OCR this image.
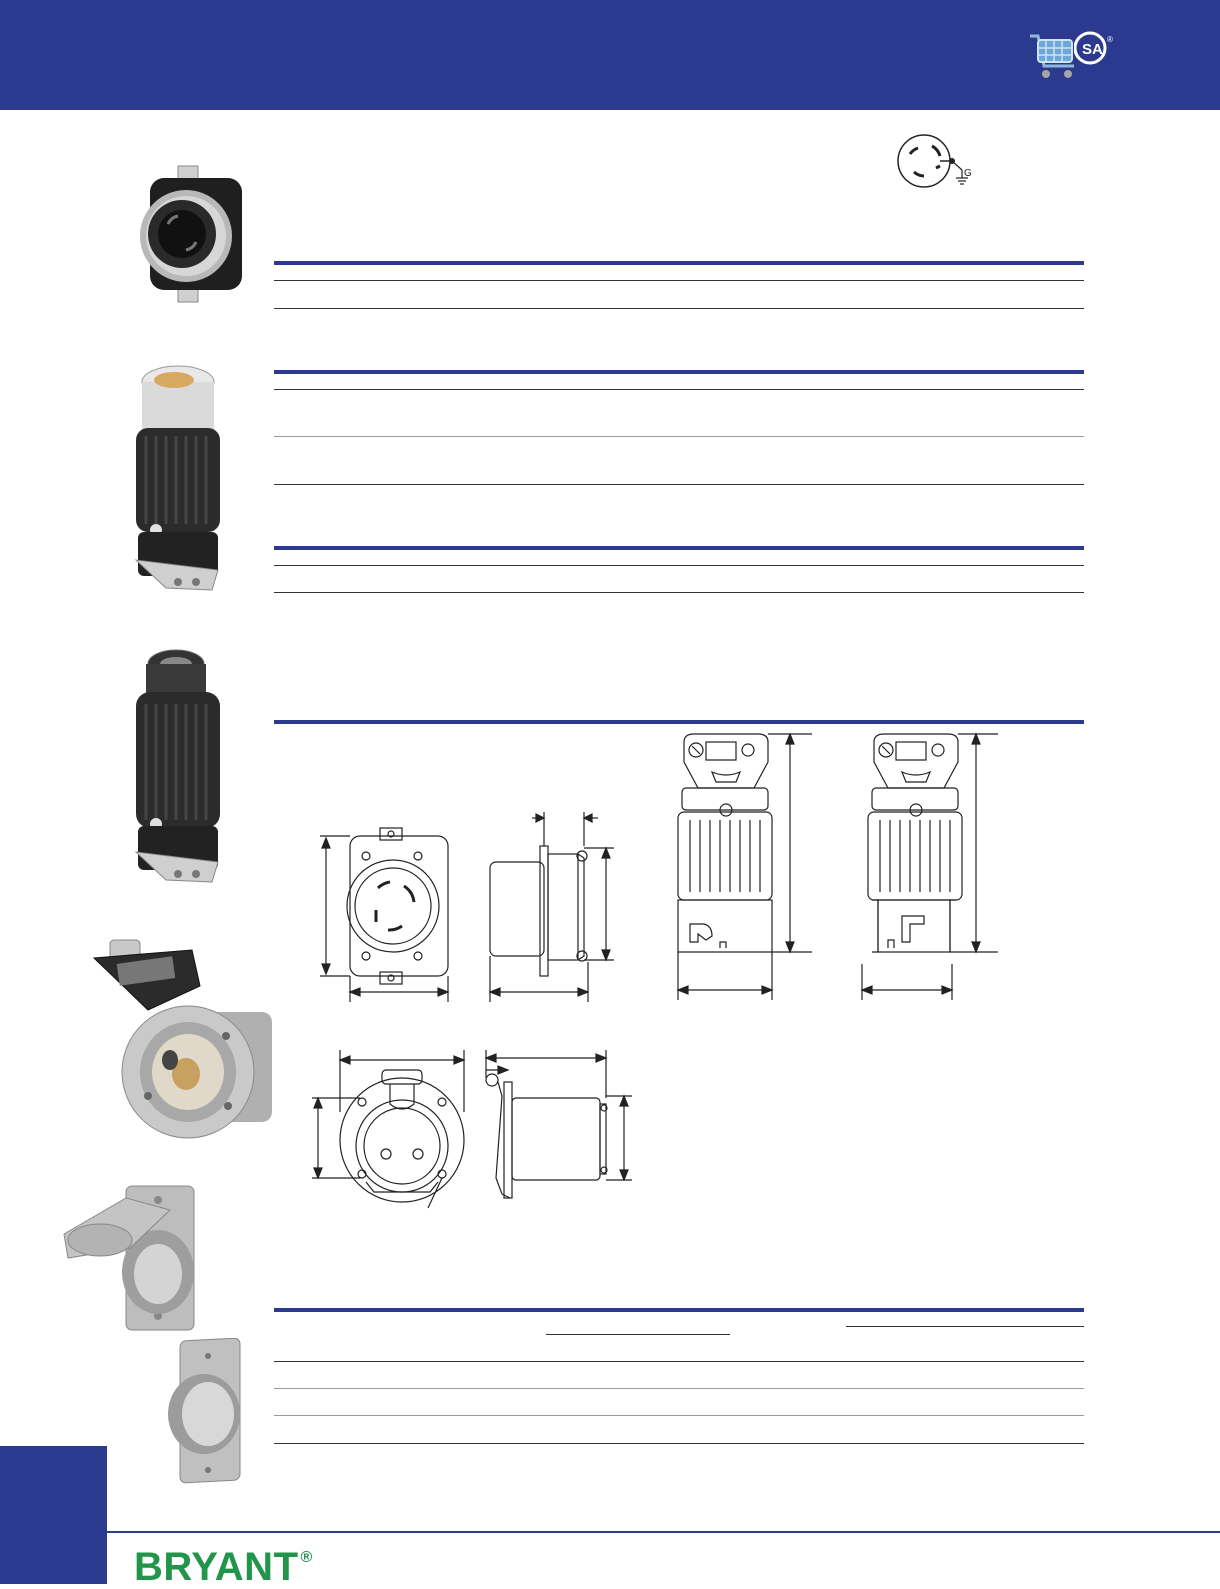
SA
®
G
BRYANT ®
